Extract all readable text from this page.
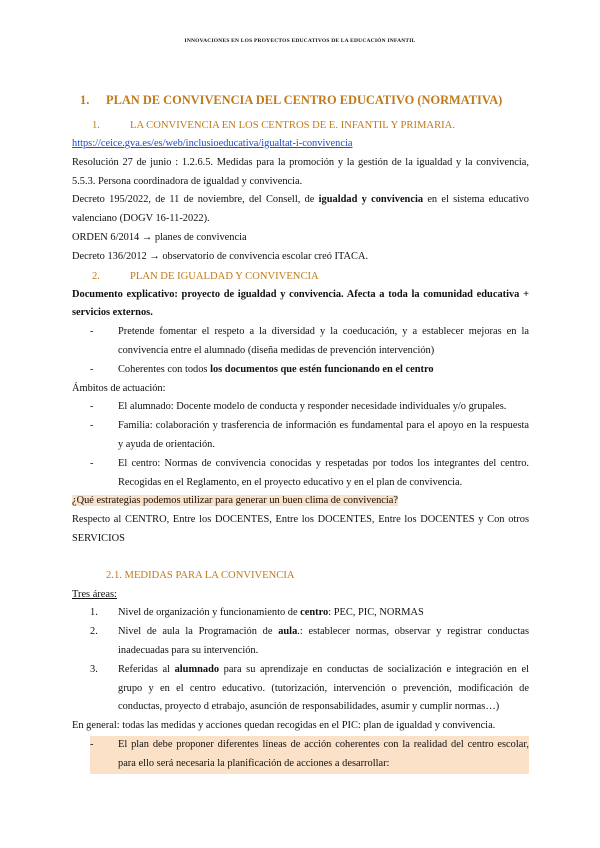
INNOVACIONES EN LOS PROYECTOS EDUCATIVOS DE LA EDUCACIÓN INFANTIL

1. PLAN DE CONVIVENCIA DEL CENTRO EDUCATIVO (NORMATIVA)

1.	LA CONVIVENCIA EN LOS CENTROS DE E. INFANTIL Y PRIMARIA.

https://ceice.gva.es/es/web/inclusioeducativa/igualtat-i-convivencia

Resolución 27 de junio : 1.2.6.5. Medidas para la promoción y la gestión de la igualdad y la convivencia, 5.5.3. Persona coordinadora de igualdad y convivencia.

Decreto 195/2022, de 11 de noviembre, del Consell, de igualdad y convivencia en el sistema educativo valenciano (DOGV 16-11-2022).

ORDEN 6/2014 → planes de convivencia

Decreto 136/2012 → observatorio de convivencia escolar creó ITACA.

2.	PLAN DE IGUALDAD Y CONVIVENCIA

Documento explicativo: proyecto de igualdad y convivencia. Afecta a toda la comunidad educativa + servicios externos.

-	Pretende fomentar el respeto a la diversidad y la coeducación, y a establecer mejoras en la convivencia entre el alumnado (diseña medidas de prevención intervención)
-	Coherentes con todos los documentos que estén funcionando en el centro

Ámbitos de actuación:

-	El alumnado: Docente modelo de conducta y responder necesidade individuales y/o grupales.
-	Familia: colaboración y trasferencia de información es fundamental para el apoyo en la respuesta y ayuda de orientación.
-	El centro: Normas de convivencia conocidas y respetadas por todos los integrantes del centro. Recogidas en el Reglamento, en el proyecto educativo y en el plan de convivencia.

¿Qué estrategias podemos utilizar para generar un buen clima de convivencia?

Respecto al CENTRO, Entre los DOCENTES, Entre los DOCENTES, Entre los DOCENTES y Con otros SERVICIOS

2.1. MEDIDAS PARA LA CONVIVENCIA

Tres áreas:

1.	Nivel de organización y funcionamiento de centro: PEC, PIC, NORMAS
2.	Nivel de aula la Programación de aula.: establecer normas, observar y registrar conductas inadecuadas para su intervención.
3.	Referidas al alumnado para su aprendizaje en conductas de socialización e integración en el grupo y en el centro educativo. (tutorización, intervención o prevención, modificación de conductas, proyecto d etrabajo, asunción de responsabilidades, asumir y cumplir normas…)

En general: todas las medidas y acciones quedan recogidas en el PIC: plan de igualdad y convivencia.

-	El plan debe proponer diferentes líneas de acción coherentes con la realidad del centro escolar, para ello será necesaria la planificación de acciones a desarrollar:
